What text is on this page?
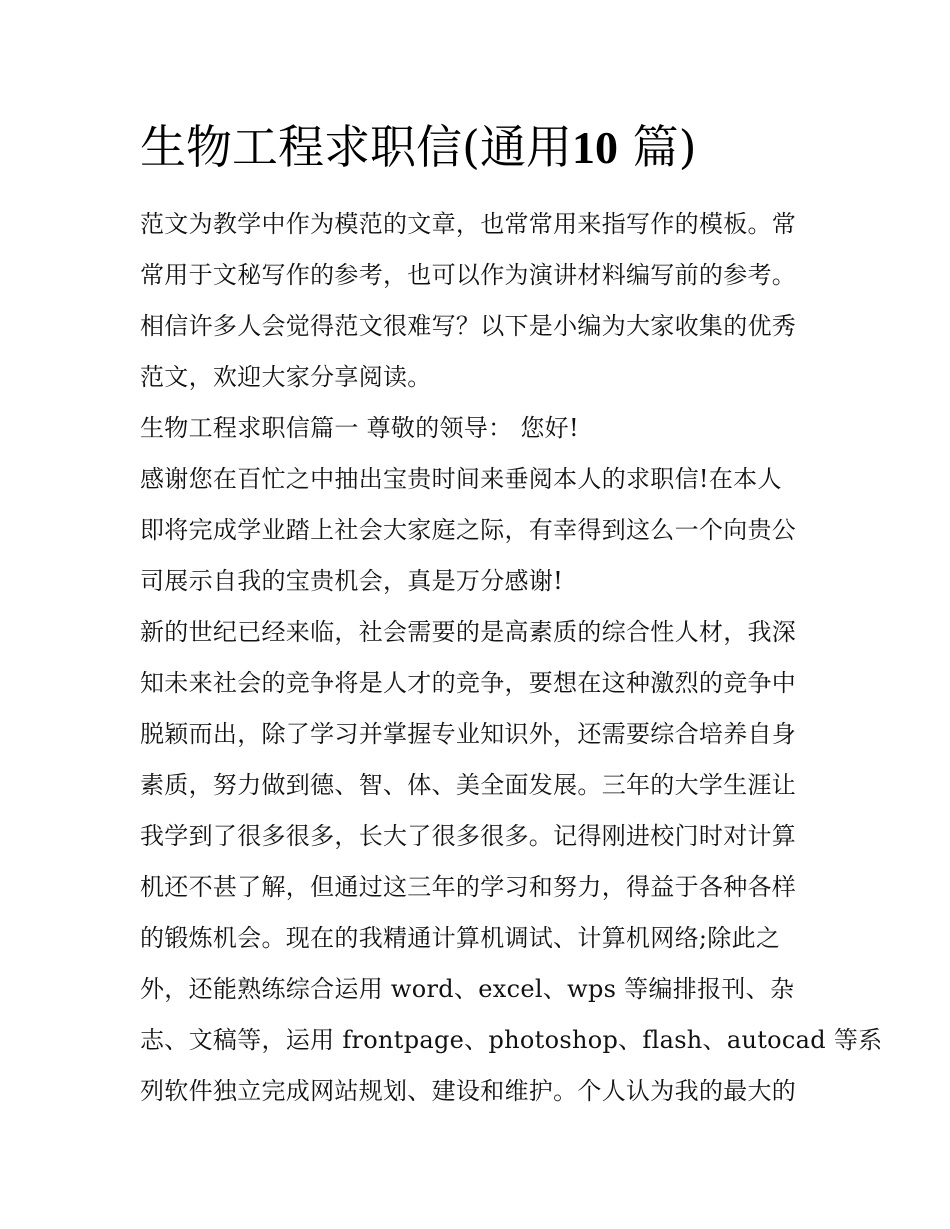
生物工程求职信(通用10 篇)
范文为教学中作为模范的文章，也常常用来指写作的模板。常
常用于文秘写作的参考，也可以作为演讲材料编写前的参考。
相信许多人会觉得范文很难写？以下是小编为大家收集的优秀
范文，欢迎大家分享阅读。
生物工程求职信篇一 尊敬的领导： 您好!
感谢您在百忙之中抽出宝贵时间来垂阅本人的求职信!在本人
即将完成学业踏上社会大家庭之际，有幸得到这么一个向贵公
司展示自我的宝贵机会，真是万分感谢!
新的世纪已经来临，社会需要的是高素质的综合性人材，我深
知未来社会的竞争将是人才的竞争，要想在这种激烈的竞争中
脱颖而出，除了学习并掌握专业知识外，还需要综合培养自身
素质，努力做到德、智、体、美全面发展。三年的大学生涯让
我学到了很多很多，长大了很多很多。记得刚进校门时对计算
机还不甚了解，但通过这三年的学习和努力，得益于各种各样
的锻炼机会。现在的我精通计算机调试、计算机网络;除此之
外，还能熟练综合运用 word、excel、wps 等编排报刊、杂
志、文稿等，运用 frontpage、photoshop、flash、autocad 等系
列软件独立完成网站规划、建设和维护。个人认为我的最大的
